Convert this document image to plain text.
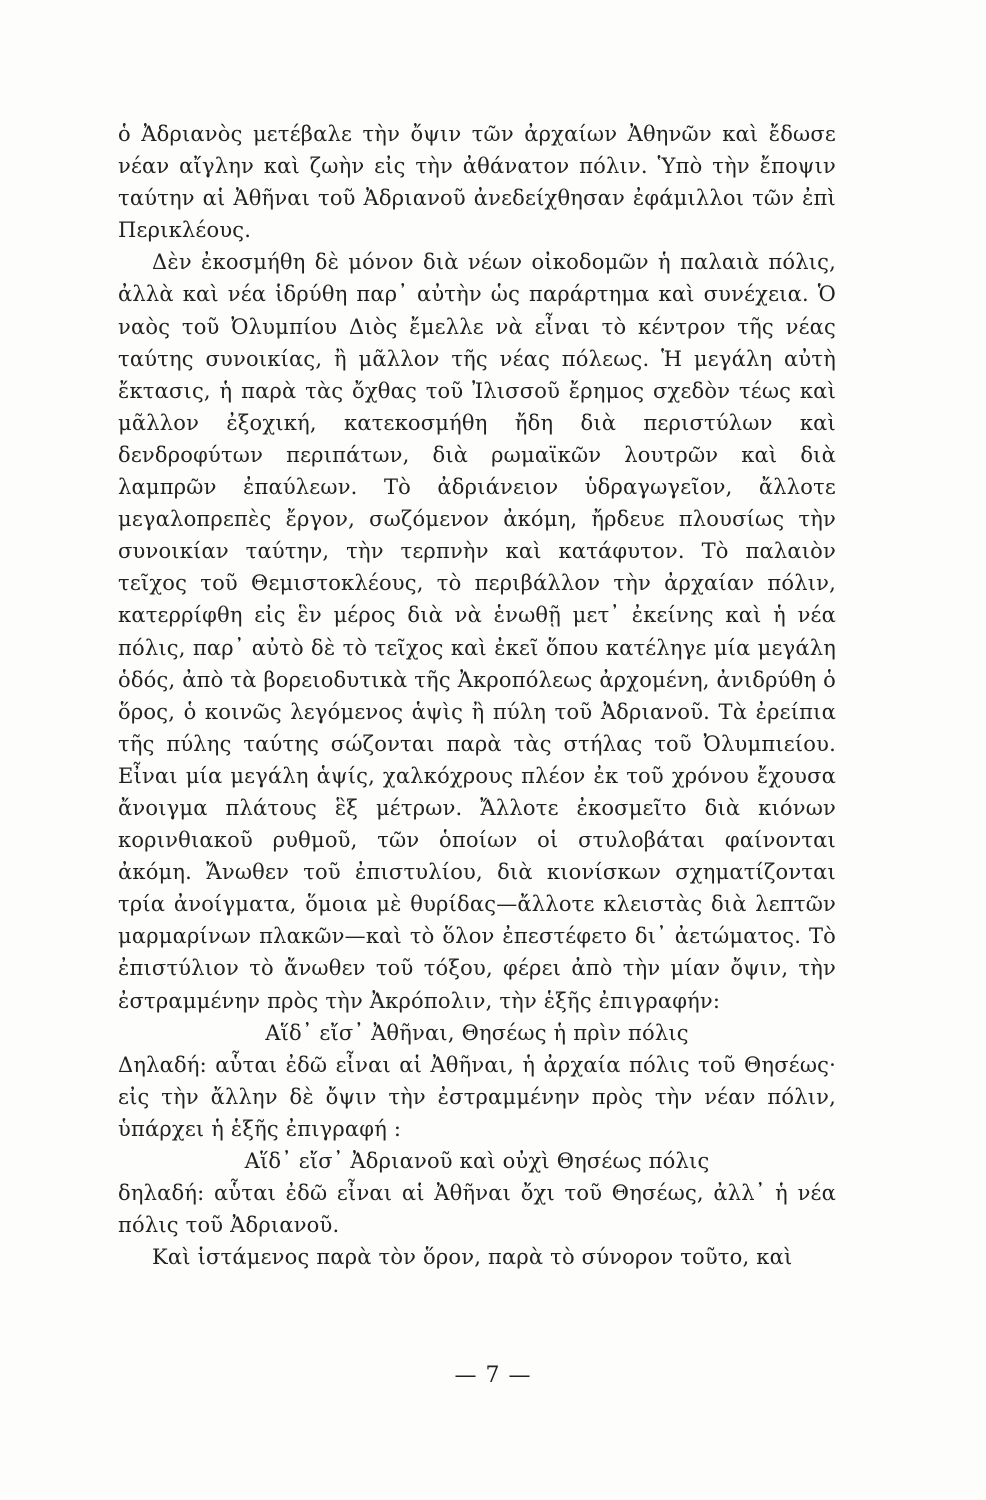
ὁ Ἀδριανὸς μετέβαλε τὴν ὄψιν τῶν ἀρχαίων Ἀθηνῶν καὶ ἔδωσε νέαν αἴγλην καὶ ζωὴν εἰς τὴν ἀθάνατον πόλιν. Ὑπὸ τὴν ἔποψιν ταύτην αἱ Ἀθῆναι τοῦ Ἀδριανοῦ ἀνεδείχθησαν ἐφάμιλλοι τῶν ἐπὶ Περικλέους.

Δὲν ἐκοσμήθη δὲ μόνον διὰ νέων οἰκοδομῶν ἡ παλαιὰ πόλις, ἀλλὰ καὶ νέα ἱδρύθη παρ᾽ αὐτὴν ὡς παράρτημα καὶ συνέχεια. Ὁ ναὸς τοῦ Ὀλυμπίου Διὸς ἔμελλε νὰ εἶναι τὸ κέντρον τῆς νέας ταύτης συνοικίας, ἢ μᾶλλον τῆς νέας πόλεως. Ἡ μεγάλη αὐτὴ ἔκτασις, ἡ παρὰ τὰς ὄχθας τοῦ Ἰλισσοῦ ἔρημος σχεδὸν τέως καὶ μᾶλλον ἐξοχική, κατεκοσμήθη ἤδη διὰ περιστύλων καὶ δενδροφύτων περιπάτων, διὰ ρωμαϊκῶν λουτρῶν καὶ διὰ λαμπρῶν ἐπαύλεων. Τὸ ἀδριάνειον ὑδραγωγεῖον, ἄλλοτε μεγαλοπρεπὲς ἔργον, σωζόμενον ἀκόμη, ἤρδευε πλουσίως τὴν συνοικίαν ταύτην, τὴν τερπνὴν καὶ κατάφυτον. Τὸ παλαιὸν τεῖχος τοῦ Θεμιστοκλέους, τὸ περιβάλλον τὴν ἀρχαίαν πόλιν, κατερρίφθη εἰς ἓν μέρος διὰ νὰ ἑνωθῇ μετ᾽ ἐκείνης καὶ ἡ νέα πόλις, παρ᾽ αὐτὸ δὲ τὸ τεῖχος καὶ ἐκεῖ ὅπου κατέληγε μία μεγάλη ὁδός, ἀπὸ τὰ βορειοδυτικὰ τῆς Ἀκροπόλεως ἀρχομένη, ἀνιδρύθη ὁ ὅρος, ὁ κοινῶς λεγόμενος ἁψὶς ἢ πύλη τοῦ Ἀδριανοῦ. Τὰ ἐρείπια τῆς πύλης ταύτης σώζονται παρὰ τὰς στήλας τοῦ Ὀλυμπιείου. Εἶναι μία μεγάλη ἁψίς, χαλκόχρους πλέον ἐκ τοῦ χρόνου ἔχουσα ἄνοιγμα πλάτους ἓξ μέτρων. Ἄλλοτε ἐκοσμεῖτο διὰ κιόνων κορινθιακοῦ ρυθμοῦ, τῶν ὁποίων οἱ στυλοβάται φαίνονται ἀκόμη. Ἄνωθεν τοῦ ἐπιστυλίου, διὰ κιονίσκων σχηματίζονται τρία ἀνοίγματα, ὅμοια μὲ θυρίδας—ἄλλοτε κλειστὰς διὰ λεπτῶν μαρμαρίνων πλακῶν—καὶ τὸ ὅλον ἐπεστέφετο δι᾽ ἀετώματος. Τὸ ἐπιστύλιον τὸ ἄνωθεν τοῦ τόξου, φέρει ἀπὸ τὴν μίαν ὄψιν, τὴν ἐστραμμένην πρὸς τὴν Ἀκρόπολιν, τὴν ἑξῆς ἐπιγραφήν:

Αἵδ᾽ εἴσ᾽ Ἀθῆναι, Θησέως ἡ πρὶν πόλις

Δηλαδή: αὗται ἐδῶ εἶναι αἱ Ἀθῆναι, ἡ ἀρχαία πόλις τοῦ Θησέως· εἰς τὴν ἄλλην δὲ ὄψιν τὴν ἐστραμμένην πρὸς τὴν νέαν πόλιν, ὑπάρχει ἡ ἑξῆς ἐπιγραφή :

Αἵδ᾽ εἴσ᾽ Ἀδριανοῦ καὶ οὐχὶ Θησέως πόλις

δηλαδή: αὗται ἐδῶ εἶναι αἱ Ἀθῆναι ὄχι τοῦ Θησέως, ἀλλ᾽ ἡ νέα πόλις τοῦ Ἀδριανοῦ.

Καὶ ἱστάμενος παρὰ τὸν ὅρον, παρὰ τὸ σύνορον τοῦτο, καὶ

— 7 —
